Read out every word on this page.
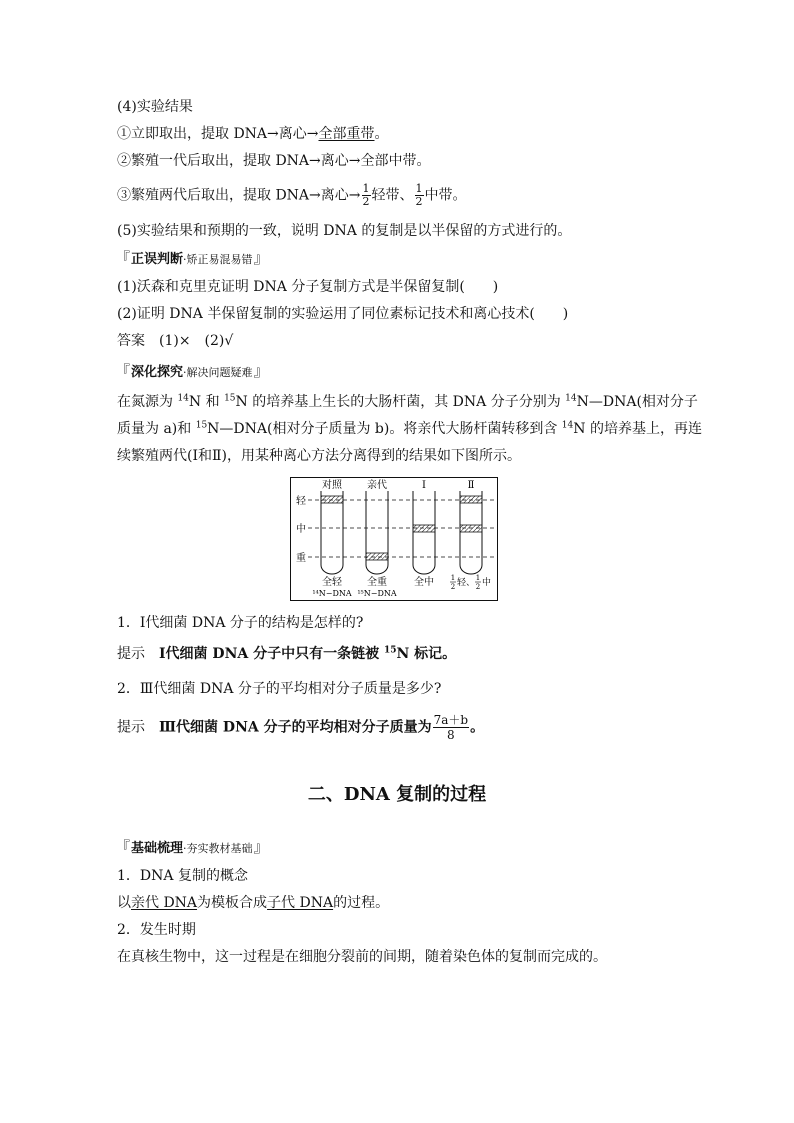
(4)实验结果
①立即取出，提取 DNA→离心→全部重带。
②繁殖一代后取出，提取 DNA→离心→全部中带。
③繁殖两代后取出，提取 DNA→离心→ $\frac{1}{2}$ 轻带、 $\frac{1}{2}$ 中带。
(5)实验结果和预期的一致，说明 DNA 的复制是以半保留的方式进行的。
『正误判断·矫正易混易错』
(1)沃森和克里克证明 DNA 分子复制方式是半保留复制(　　)
(2)证明 DNA 半保留复制的实验运用了同位素标记技术和离心技术(　　)
答案　(1)×　(2)√
『深化探究·解决问题疑难』
在氮源为 $^{14}$N 和 $^{15}$N 的培养基上生长的大肠杆菌，其 DNA 分子分别为 $^{14}$N—DNA(相对分子
质量为 a)和 $^{15}$N—DNA(相对分子质量为 b)。将亲代大肠杆菌转移到含 $^{14}$N 的培养基上，再连
续繁殖两代(Ⅰ和Ⅱ)，用某种离心方法分离得到的结果如下图所示。
对照	亲代	Ⅰ	Ⅱ
轻
中
重
全轻	全重	全中 1
2 轻、 1
2 中
¹⁴N−DNA ¹⁵N−DNA
1．Ⅰ代细菌 DNA 分子的结构是怎样的?
提示　Ⅰ代细菌 DNA 分子中只有一条链被 $^{15}$N 标记。
2．Ⅲ代细菌 DNA 分子的平均相对分子质量是多少?
提示　Ⅲ代细菌 DNA 分子的平均相对分子质量为 $\frac{7a+b}{8}$ 。
二、DNA 复制的过程
『基础梳理·夯实教材基础』
1．DNA 复制的概念
以亲代 DNA为模板合成子代 DNA的过程。
2．发生时期
在真核生物中，这一过程是在细胞分裂前的间期，随着染色体的复制而完成的。
